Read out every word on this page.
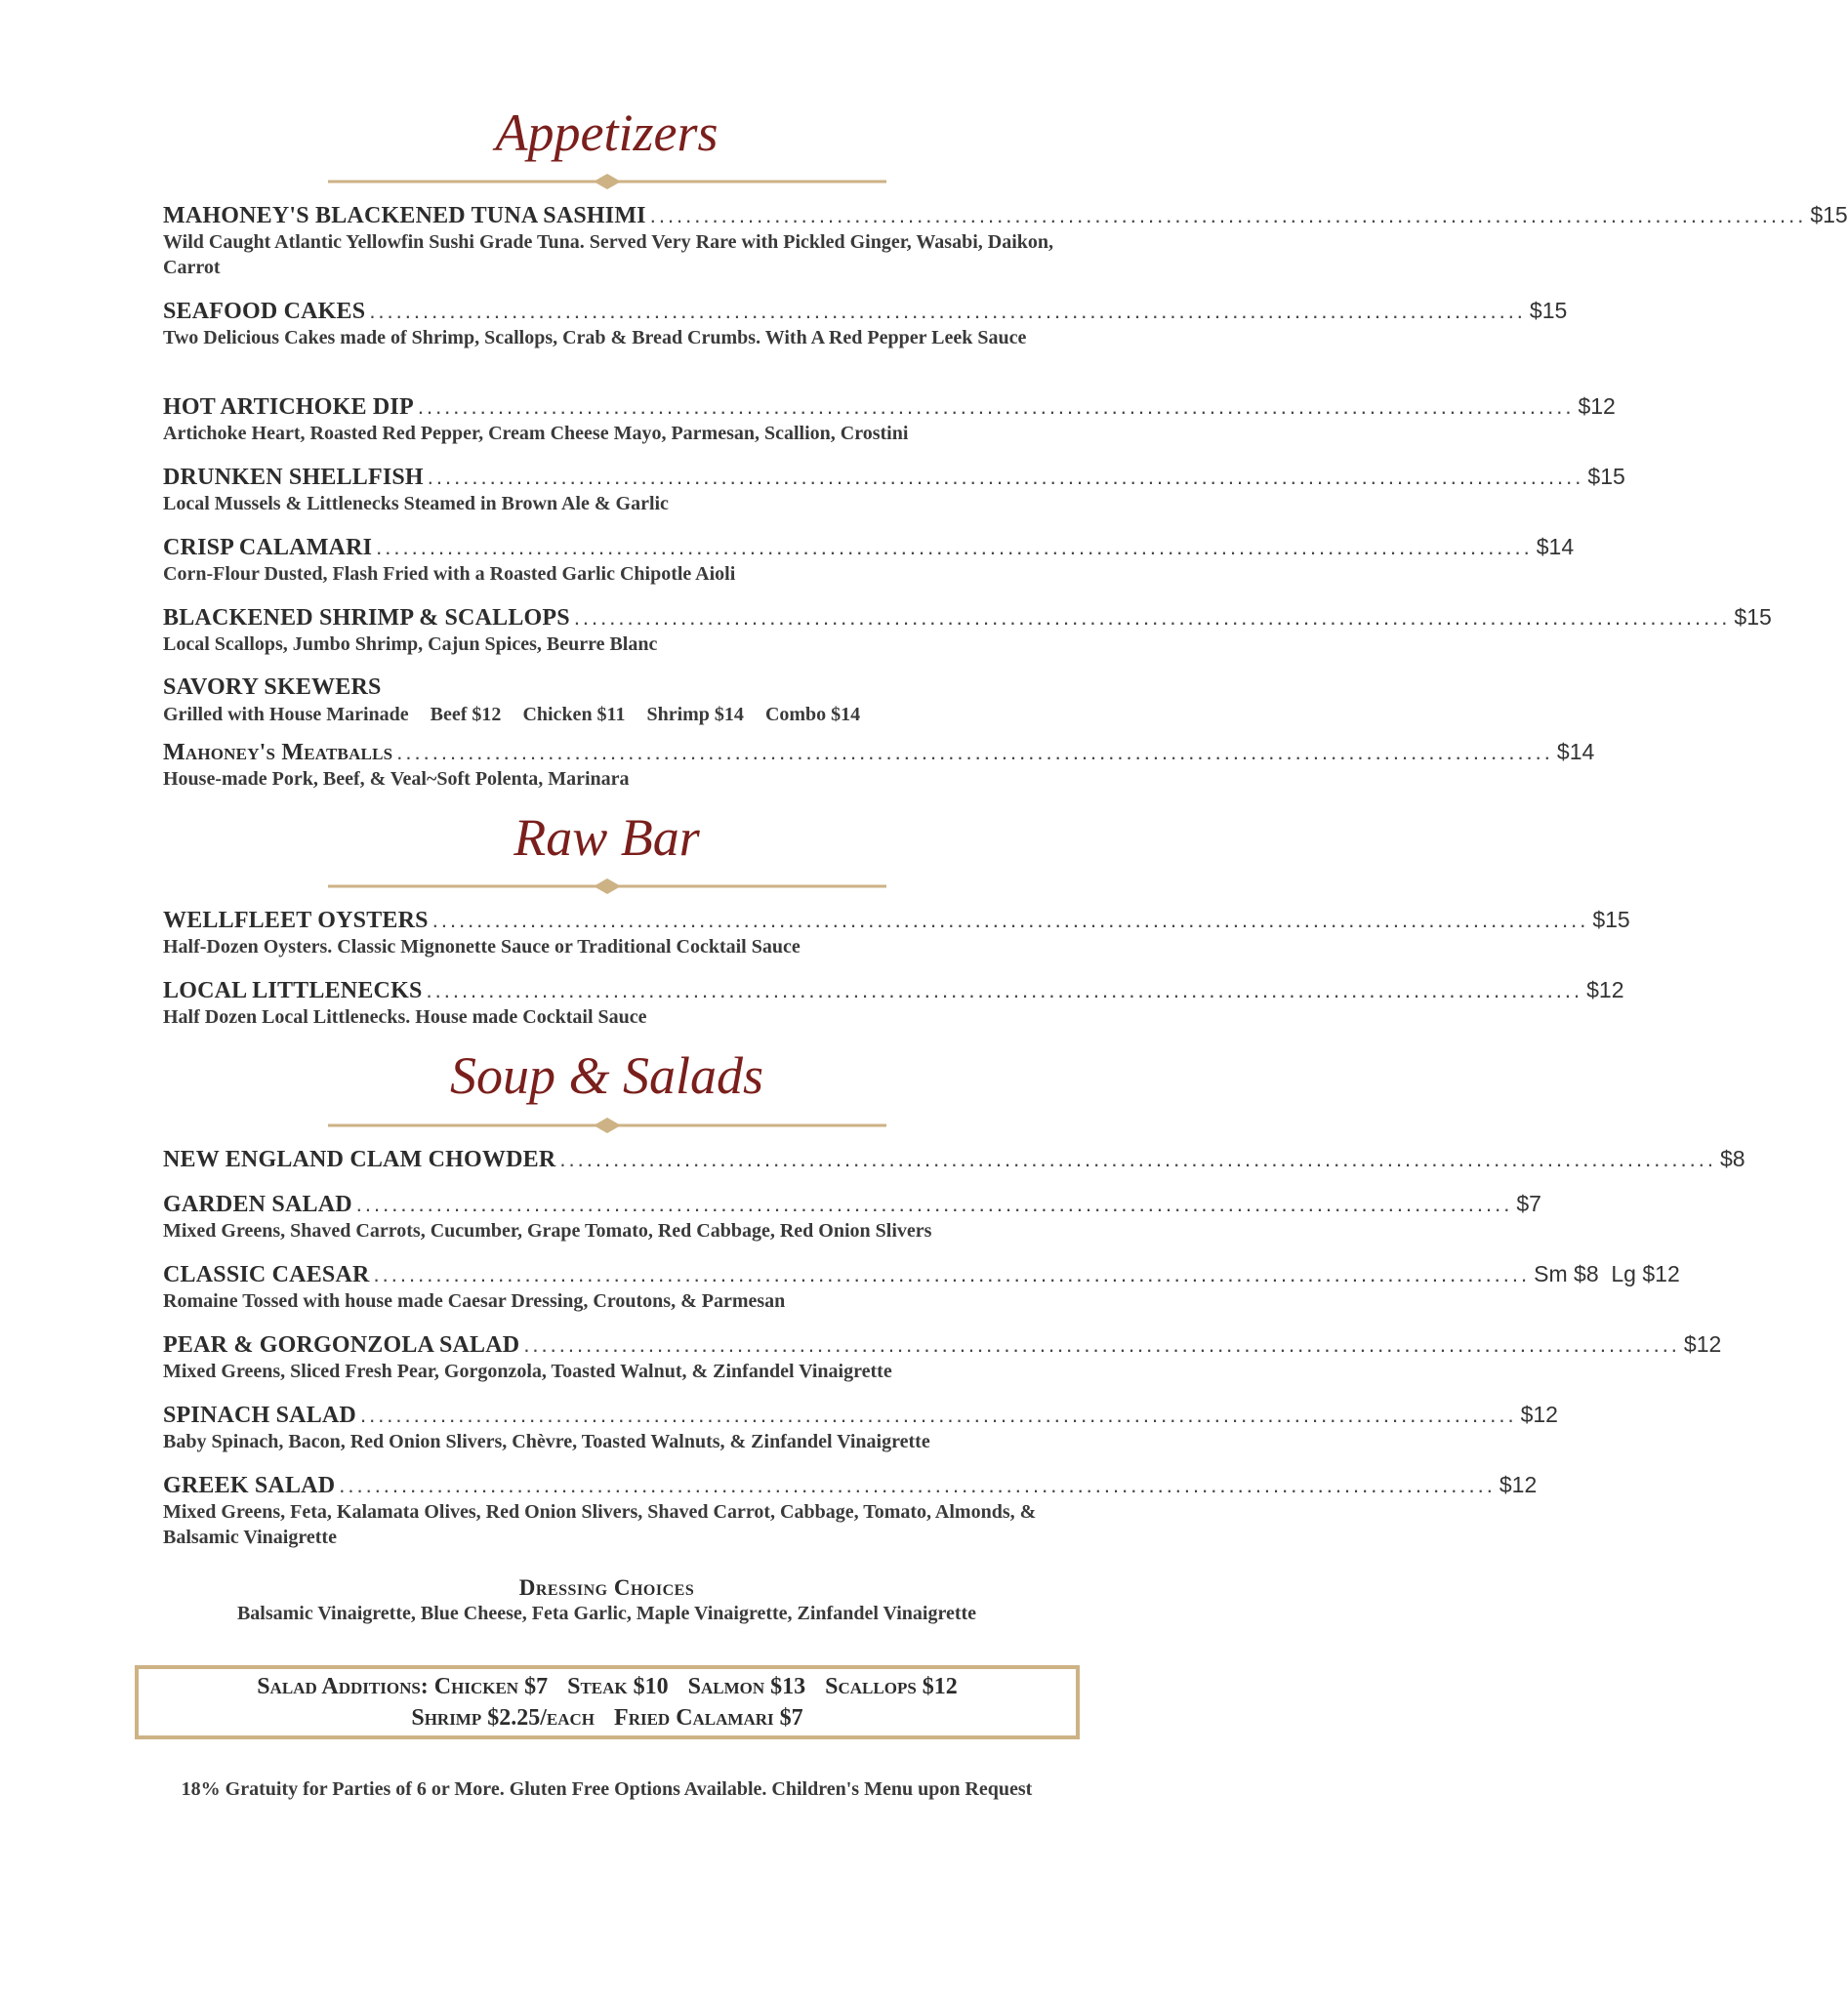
Appetizers
MAHONEY'S BLACKENED TUNA SASHIMI .................................................................................................................................. $15
Wild Caught Atlantic Yellowfin Sushi Grade Tuna. Served Very Rare with Pickled Ginger, Wasabi, Daikon, Carrot
SEAFOOD CAKES .................................................................................................................................. $15
Two Delicious Cakes made of Shrimp, Scallops, Crab & Bread Crumbs. With A Red Pepper Leek Sauce
HOT ARTICHOKE DIP .................................................................................................................................. $12
Artichoke Heart, Roasted Red Pepper, Cream Cheese Mayo, Parmesan, Scallion, Crostini
DRUNKEN SHELLFISH .................................................................................................................................. $15
Local Mussels & Littlenecks Steamed in Brown Ale & Garlic
CRISP CALAMARI .................................................................................................................................. $14
Corn-Flour Dusted, Flash Fried with a Roasted Garlic Chipotle Aioli
BLACKENED SHRIMP & SCALLOPS .................................................................................................................................. $15
Local Scallops, Jumbo Shrimp, Cajun Spices, Beurre Blanc
SAVORY SKEWERS
Grilled with House Marinade Beef $12 Chicken $11 Shrimp $14 Combo $14
Mahoney's Meatballs .................................................................................................................................. $14
House-made Pork, Beef, & Veal~Soft Polenta, Marinara
Raw Bar
WELLFLEET OYSTERS .................................................................................................................................. $15
Half-Dozen Oysters. Classic Mignonette Sauce or Traditional Cocktail Sauce
LOCAL LITTLENECKS .................................................................................................................................. $12
Half Dozen Local Littlenecks. House made Cocktail Sauce
Soup & Salads
NEW ENGLAND CLAM CHOWDER .................................................................................................................................. $8
GARDEN SALAD .................................................................................................................................. $7
Mixed Greens, Shaved Carrots, Cucumber, Grape Tomato, Red Cabbage, Red Onion Slivers
CLASSIC CAESAR .................................................................................................................................. Sm $8  Lg $12
Romaine Tossed with house made Caesar Dressing, Croutons, & Parmesan
PEAR & GORGONZOLA SALAD .................................................................................................................................. $12
Mixed Greens, Sliced Fresh Pear, Gorgonzola, Toasted Walnut, & Zinfandel Vinaigrette
SPINACH SALAD .................................................................................................................................. $12
Baby Spinach, Bacon, Red Onion Slivers, Chèvre, Toasted Walnuts, & Zinfandel Vinaigrette
GREEK SALAD .................................................................................................................................. $12
Mixed Greens, Feta, Kalamata Olives, Red Onion Slivers, Shaved Carrot, Cabbage, Tomato, Almonds, & Balsamic Vinaigrette
Dressing Choices
Balsamic Vinaigrette, Blue Cheese, Feta Garlic, Maple Vinaigrette, Zinfandel Vinaigrette
Salad Additions: Chicken $7 Steak $10 Salmon $13 Scallops $12
Shrimp $2.25/each Fried Calamari $7
18% Gratuity for Parties of 6 or More. Gluten Free Options Available. Children's Menu upon Request
